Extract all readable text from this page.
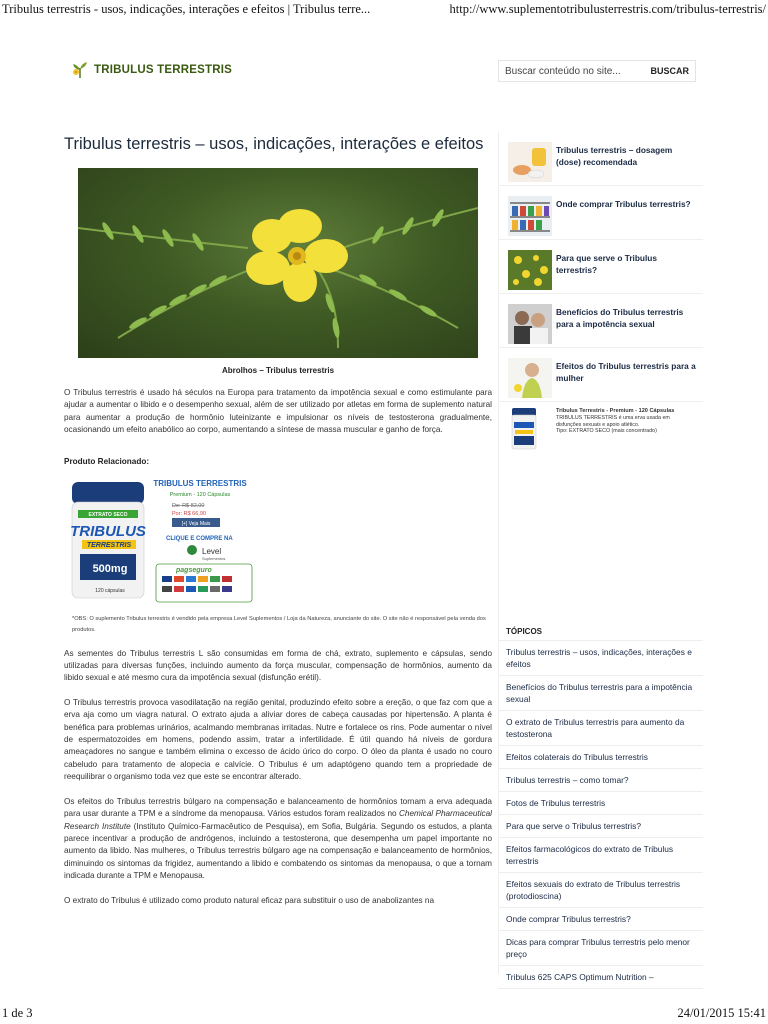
Tribulus terrestris - usos, indicações, interações e efeitos | Tribulus terre...	http://www.suplementotribulusterrestris.com/tribulus-terrestris/
TRIBULUS TERRESTRIS
Buscar conteúdo no site...	BUSCAR
Tribulus terrestris – usos, indicações, interações e efeitos

Abrolhos – Tribulus terrestris

O Tribulus terrestris é usado há séculos na Europa para tratamento da impotência sexual e como estimulante para ajudar a aumentar o libido e o desempenho sexual, além de ser utilizado por atletas em forma de suplemento natural para aumentar a produção de hormônio luteinizante e impulsionar os níveis de testosterona gradualmente, ocasionando um efeito anabólico ao corpo, aumentando a síntese de massa muscular e ganho de força.

Produto Relacionado:

EXTRATO SECO
TRIBULUS
TERRESTRIS
500mg
120 cápsulas
TRIBULUS TERRESTRIS
Premium - 120 Cápsulas
De: R$ 82,00
Por: R$ 66,90
[+] Veja Mais
CLIQUE E COMPRE NA
Level
Suplementos
pagseguro

*OBS: O suplemento Tribulus terrestris é vendido pela empresa Level Suplementos / Loja da Natureza, anunciante do site. O site não é responsável pela venda dos produtos.

As sementes do Tribulus terrestris L são consumidas em forma de chá, extrato, suplemento e cápsulas, sendo utilizadas para diversas funções, incluindo aumento da força muscular, compensação de hormônios, aumento da libido sexual e até mesmo cura da impotência sexual (disfunção erétil).

O Tribulus terrestris provoca vasodilatação na região genital, produzindo efeito sobre a ereção, o que faz com que a erva aja como um viagra natural. O extrato ajuda a aliviar dores de cabeça causadas por hipertensão. A planta é benéfica para problemas urinários, acalmando membranas irritadas. Nutre e fortalece os rins. Pode aumentar o nível de espermatozoides em homens, podendo assim, tratar a infertilidade. É útil quando há níveis de gordura ameaçadores no sangue e também elimina o excesso de ácido úrico do corpo. O óleo da planta é usado no couro cabeludo para tratamento de alopecia e calvície. O Tribulus é um adaptógeno quando tem a propriedade de reequilibrar o organismo toda vez que este se encontrar alterado.

Os efeitos do Tribulus terrestris búlgaro na compensação e balanceamento de hormônios tornam a erva adequada para usar durante a TPM e a síndrome da menopausa. Vários estudos foram realizados no Chemical Pharmaceutical Research Institute (Instituto Químico-Farmacêutico de Pesquisa), em Sofia, Bulgária. Segundo os estudos, a planta parece incentivar a produção de andrógenos, incluindo a testosterona, que desempenha um papel importante no aumento da libido. Nas mulheres, o Tribulus terrestris búlgaro age na compensação e balanceamento de hormônios, diminuindo os sintomas da frigidez, aumentando a libido e combatendo os sintomas da menopausa, o que a tornam indicada durante a TPM e Menopausa.

O extrato do Tribulus é utilizado como produto natural eficaz para substituir o uso de anabolizantes na

Tribulus terrestris – dosagem (dose) recomendada
Onde comprar Tribulus terrestris?
Para que serve o Tribulus terrestris?
Benefícios do Tribulus terrestris para a impotência sexual
Efeitos do Tribulus terrestris para a mulher
Tribulus Terrestris - Premium - 120 Cápsulas
TRIBULUS TERRESTRIS é uma erva usada em disfunções sexuais e apoio atlético.
Tipo: EXTRATO SECO (mais concentrado)
TÓPICOS
Tribulus terrestris – usos, indicações, interações e efeitos
Benefícios do Tribulus terrestris para a impotência sexual
O extrato de Tribulus terrestris para aumento da testosterona
Efeitos colaterais do Tribulus terrestris
Tribulus terrestris – como tomar?
Fotos de Tribulus terrestris
Para que serve o Tribulus terrestris?
Efeitos farmacológicos do extrato de Tribulus terrestris
Efeitos sexuais do extrato de Tribulus terrestris (protodioscina)
Onde comprar Tribulus terrestris?
Dicas para comprar Tribulus terrestris pelo menor preço
Tribulus 625 CAPS Optimum Nutrition –
1 de 3	24/01/2015 15:41
